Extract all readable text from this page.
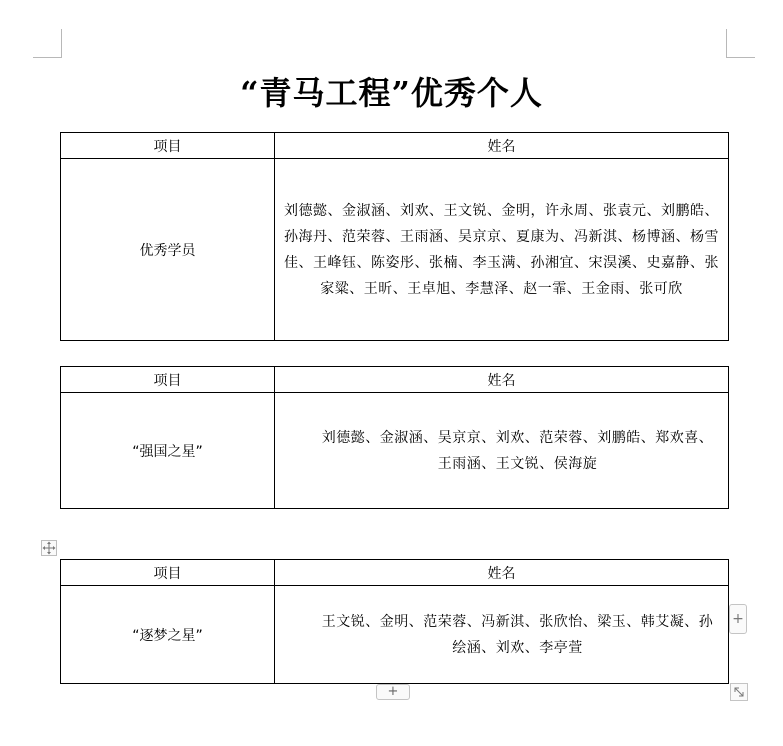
“青马工程”优秀个人
项目	姓名
优秀学员	刘德懿、金淑涵、刘欢、王文锐、金明，许永周、张袁元、刘鹏皓、孙海丹、范荣蓉、王雨涵、吴京京、夏康为、冯新淇、杨博涵、杨雪佳、王峰钰、陈姿彤、张楠、李玉满、孙湘宜、宋淏溪、史嘉静、张家粱、王昕、王卓旭、李慧泽、赵一霏、王金雨、张可欣
项目	姓名
“强国之星”	刘德懿、金淑涵、吴京京、刘欢、范荣蓉、刘鹏皓、郑欢喜、王雨涵、王文锐、侯海旋
项目	姓名
“逐梦之星”	王文锐、金明、范荣蓉、冯新淇、张欣怡、梁玉、韩艾凝、孙绘涵、刘欢、李亭萱
+
+
